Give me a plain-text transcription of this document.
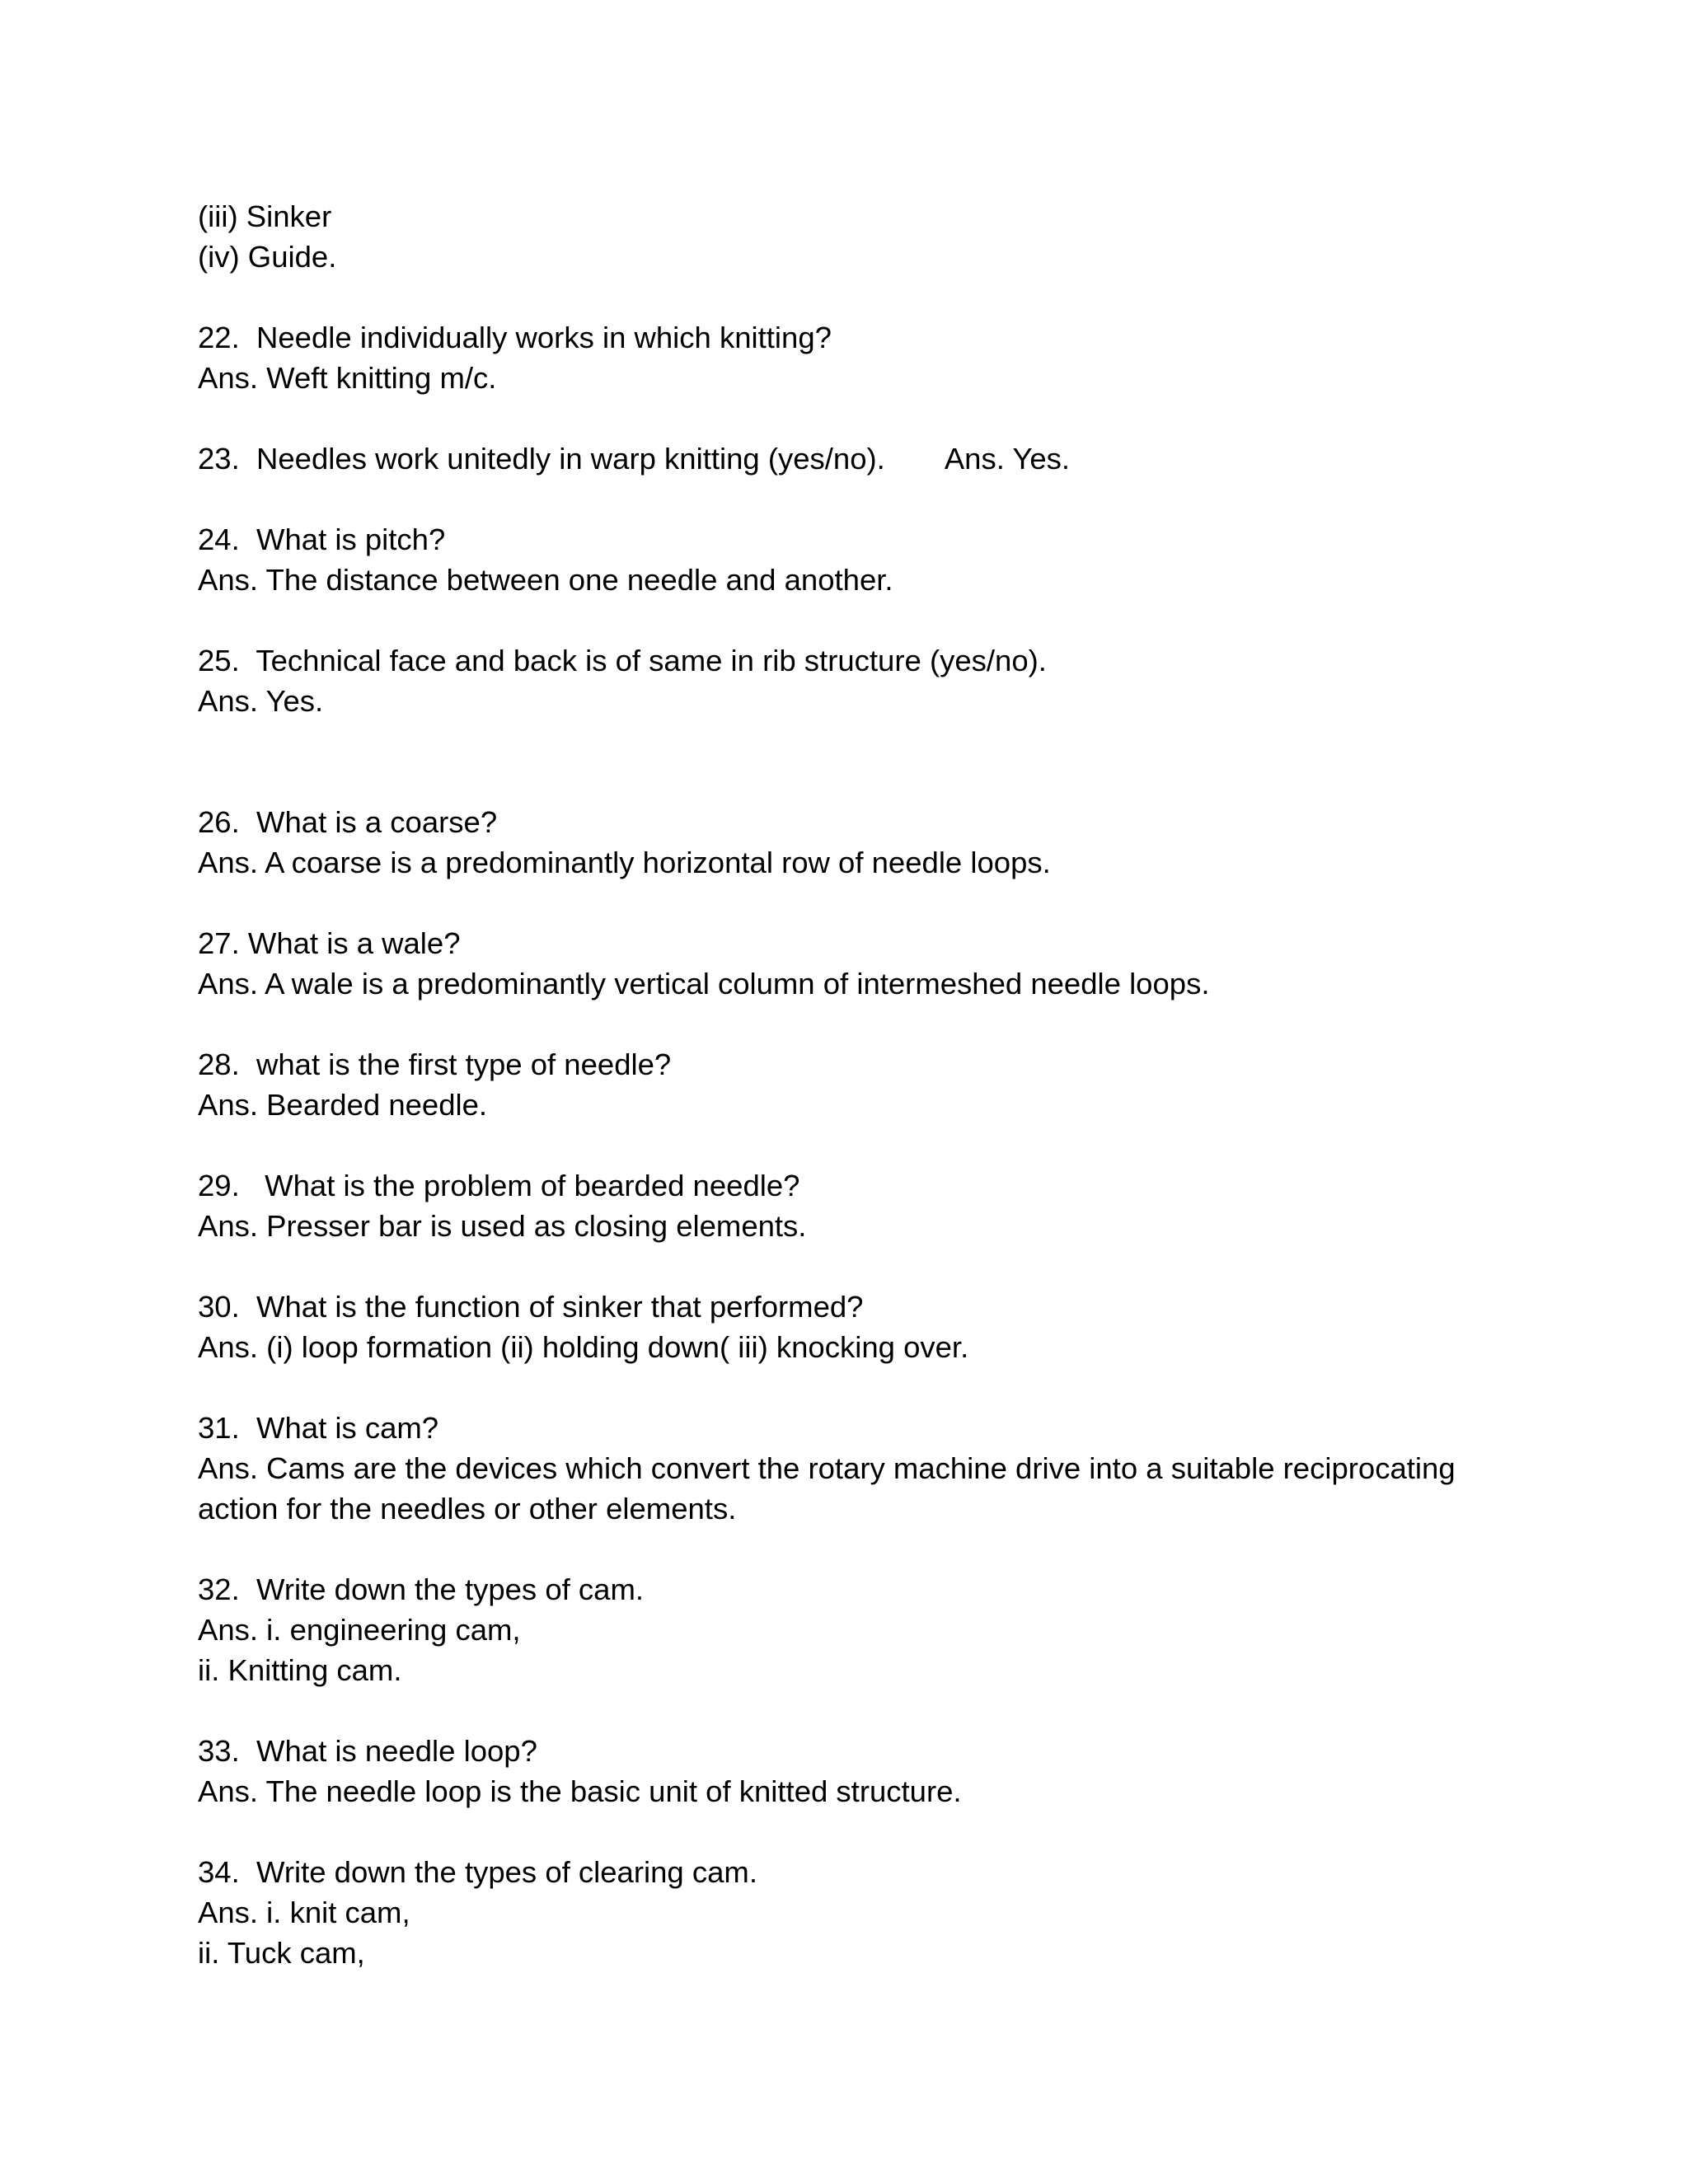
(iii) Sinker
(iv) Guide.
22.  Needle individually works in which knitting?
Ans. Weft knitting m/c.
23.  Needles work unitedly in warp knitting (yes/no). Ans. Yes.
24.  What is pitch?
Ans. The distance between one needle and another.
25.  Technical face and back is of same in rib structure (yes/no).
Ans. Yes.
26.  What is a coarse?
Ans. A coarse is a predominantly horizontal row of needle loops.
27. What is a wale?
Ans. A wale is a predominantly vertical column of intermeshed needle loops.
28.  what is the first type of needle?
Ans. Bearded needle.
29.   What is the problem of bearded needle?
Ans. Presser bar is used as closing elements.
30.  What is the function of sinker that performed?
Ans. (i) loop formation (ii) holding down( iii) knocking over.
31.  What is cam?
Ans. Cams are the devices which convert the rotary machine drive into a suitable reciprocating
action for the needles or other elements.
32.  Write down the types of cam.
Ans. i. engineering cam,
ii. Knitting cam.
33.  What is needle loop?
Ans. The needle loop is the basic unit of knitted structure.
34.  Write down the types of clearing cam.
Ans. i. knit cam,
ii. Tuck cam,
